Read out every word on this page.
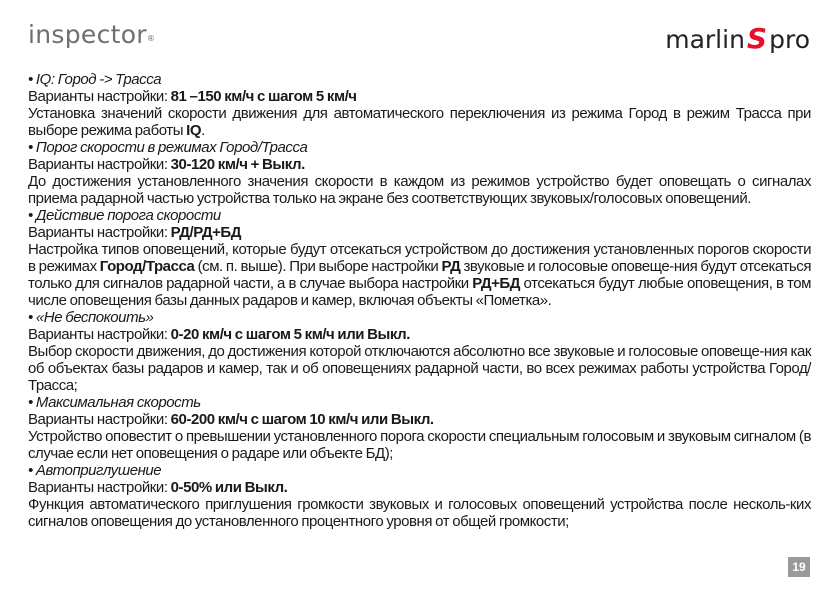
inspector®	marlin S pro

• IQ: Город -> Трасса

Варианты настройки: 81 –150 км/ч с шагом 5 км/ч

Установка значений скорости движения для автоматического переключения из режима Город в режим Трасса при выборе режима работы IQ.

• Порог скорости в режимах Город/Трасса

Варианты настройки: 30-120 км/ч + Выкл.

До достижения установленного значения скорости в каждом из режимов устройство будет оповещать о сигналах приема радарной частью устройства только на экране без соответствующих звуковых/голосовых оповещений.

• Действие порога скорости

Варианты настройки: РД/РД+БД

Настройка типов оповещений, которые будут отсекаться устройством до достижения установленных порогов скорости в режимах Город/Трасса (см. п. выше). При выборе настройки РД звуковые и голосовые оповеще-ния будут отсекаться только для сигналов радарной части, а в случае выбора настройки РД+БД отсекаться будут любые оповещения, в том числе оповещения базы данных радаров и камер, включая объекты «Пометка».

• «Не беспокоить»

Варианты настройки: 0-20 км/ч с шагом 5 км/ч или Выкл.

Выбор скорости движения, до достижения которой отключаются абсолютно все звуковые и голосовые оповеще-ния как об объектах базы радаров и камер, так и об оповещениях радарной части, во всех режимах работы устройства Город/Трасса;

• Максимальная скорость

Варианты настройки: 60-200 км/ч с шагом 10 км/ч или Выкл.

Устройство оповестит о превышении установленного порога скорости специальным голосовым и звуковым сигналом (в случае если нет оповещения о радаре или объекте БД);

• Автоприглушение

Варианты настройки: 0-50% или Выкл.

Функция автоматического приглушения громкости звуковых и голосовых оповещений устройства после несколь-ких сигналов оповещения до установленного процентного уровня от общей громкости;

19
